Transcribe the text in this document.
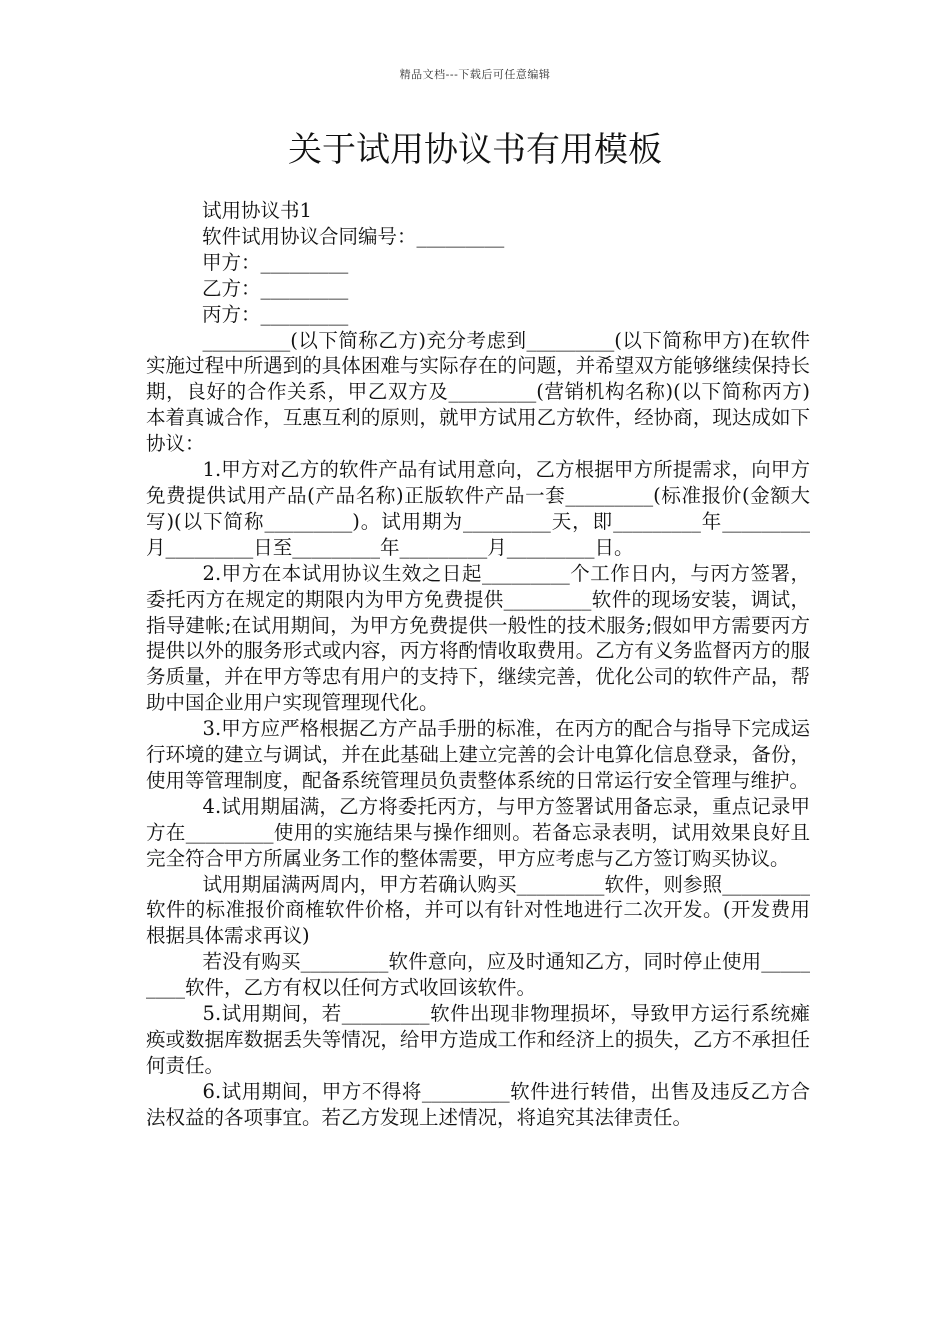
精品文档---下载后可任意编辑
关于试用协议书有用模板

试用协议书1

软件试用协议合同编号：_________

甲方：_________

乙方：_________

丙方：_________

_________(以下简称乙方)充分考虑到_________(以下简称甲方)在软件实施过程中所遇到的具体困难与实际存在的问题，并希望双方能够继续保持长期，良好的合作关系，甲乙双方及_________(营销机构名称)(以下简称丙方)本着真诚合作，互惠互利的原则，就甲方试用乙方软件，经协商，现达成如下协议：

1.甲方对乙方的软件产品有试用意向，乙方根据甲方所提需求，向甲方免费提供试用产品(产品名称)正版软件产品一套_________(标准报价(金额大写)(以下简称_________)。试用期为_________天，即_________年_________月_________日至_________年_________月_________日。

2.甲方在本试用协议生效之日起_________个工作日内，与丙方签署，委托丙方在规定的期限内为甲方免费提供_________软件的现场安装，调试，指导建帐;在试用期间，为甲方免费提供一般性的技术服务;假如甲方需要丙方提供以外的服务形式或内容，丙方将酌情收取费用。乙方有义务监督丙方的服务质量，并在甲方等忠有用户的支持下，继续完善，优化公司的软件产品，帮助中国企业用户实现管理现代化。

3.甲方应严格根据乙方产品手册的标准，在丙方的配合与指导下完成运行环境的建立与调试，并在此基础上建立完善的会计电算化信息登录，备份，使用等管理制度，配备系统管理员负责整体系统的日常运行安全管理与维护。

4.试用期届满，乙方将委托丙方，与甲方签署试用备忘录，重点记录甲方在_________使用的实施结果与操作细则。若备忘录表明，试用效果良好且完全符合甲方所属业务工作的整体需要，甲方应考虑与乙方签订购买协议。

试用期届满两周内，甲方若确认购买_________软件，则参照_________软件的标准报价商榷软件价格，并可以有针对性地进行二次开发。(开发费用根据具体需求再议)

若没有购买_________软件意向，应及时通知乙方，同时停止使用_________软件，乙方有权以任何方式收回该软件。

5.试用期间，若_________软件出现非物理损坏，导致甲方运行系统瘫痪或数据库数据丢失等情况，给甲方造成工作和经济上的损失，乙方不承担任何责任。

6.试用期间，甲方不得将_________软件进行转借，出售及违反乙方合法权益的各项事宜。若乙方发现上述情况，将追究其法律责任。
